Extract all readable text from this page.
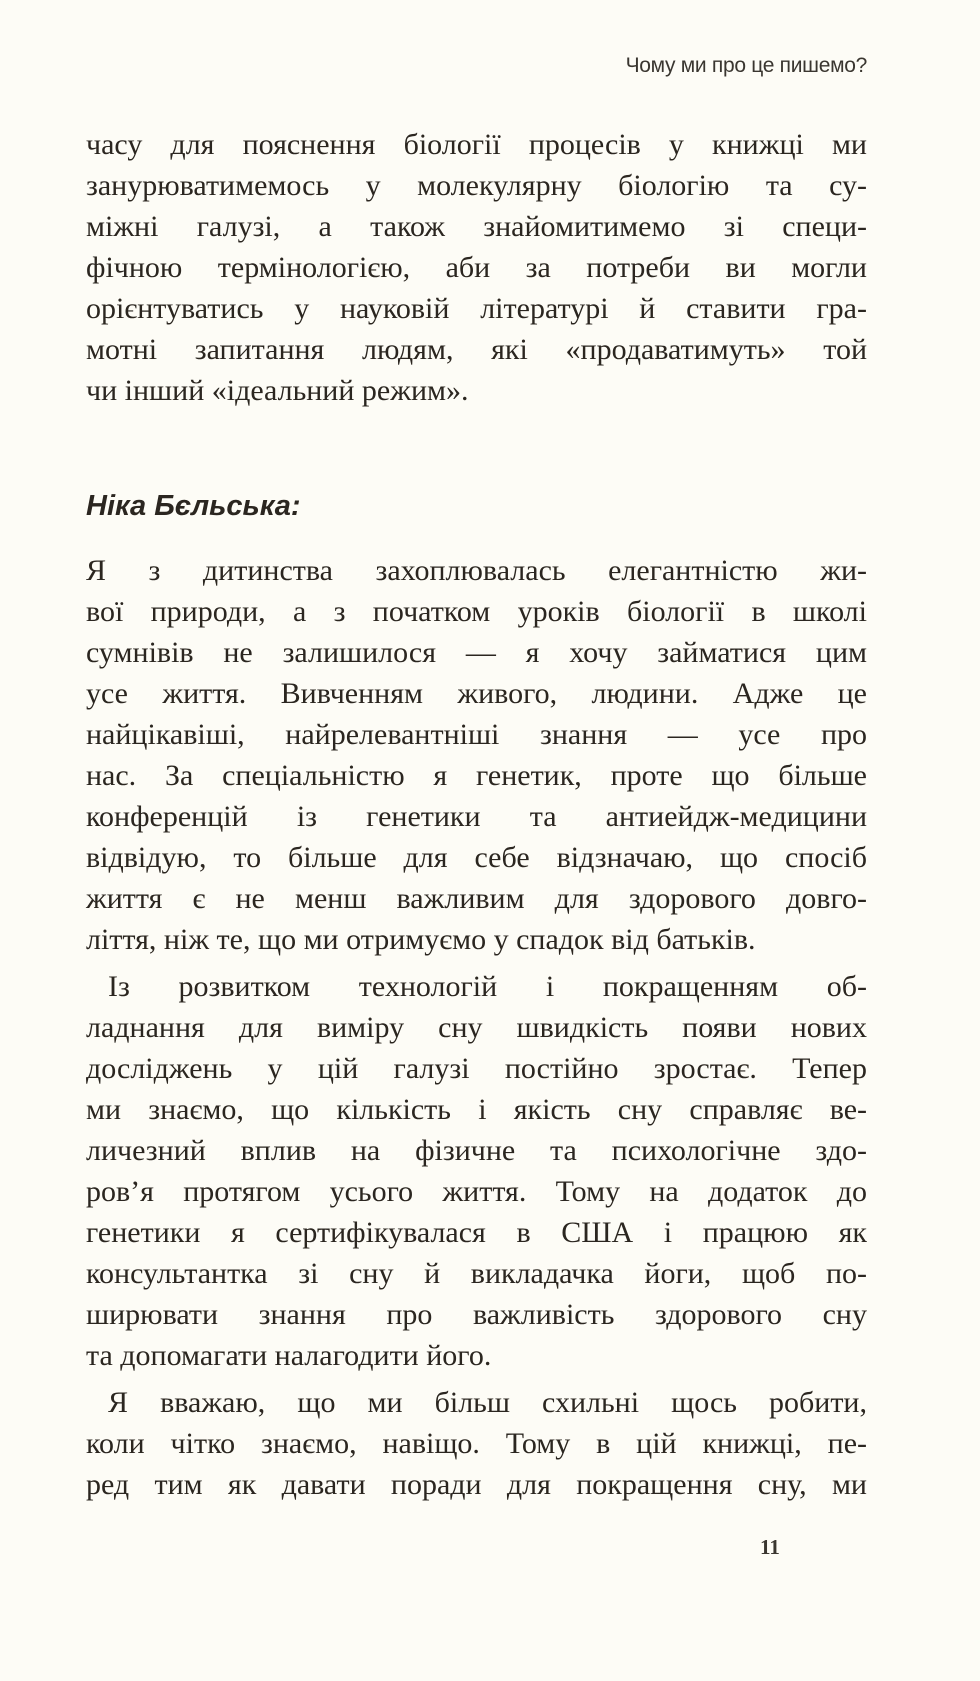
Чому ми про це пишемо?
часу для пояснення біології процесів у книжці ми
занурюватимемось у молекулярну біологію та су-
міжні галузі, а також знайомитимемо зі специ-
фічною термінологією, аби за потреби ви могли
орієнтуватись у науковій літературі й ставити гра-
мотні запитання людям, які «продаватимуть» той
чи інший «ідеальний режим».
Ніка Бєльська:
Я з дитинства захоплювалась елегантністю жи-
вої природи, а з початком уроків біології в школі
сумнівів не залишилося — я хочу займатися цим
усе життя. Вивченням живого, людини. Адже це
найцікавіші, найрелевантніші знання — усе про
нас. За спеціальністю я генетик, проте що більше
конференцій із генетики та антиейдж-медицини
відвідую, то більше для себе відзначаю, що спосіб
життя є не менш важливим для здорового довго-
ліття, ніж те, що ми отримуємо у спадок від батьків.
Із розвитком технологій і покращенням об-
ладнання для виміру сну швидкість появи нових
досліджень у цій галузі постійно зростає. Тепер
ми знаємо, що кількість і якість сну справляє ве-
личезний вплив на фізичне та психологічне здо-
ров’я протягом усього життя. Тому на додаток до
генетики я сертифікувалася в США і працюю як
консультантка зі сну й викладачка йоги, щоб по-
ширювати знання про важливість здорового сну
та допомагати налагодити його.
Я вважаю, що ми більш схильні щось робити,
коли чітко знаємо, навіщо. Тому в цій книжці, пе-
ред тим як давати поради для покращення сну, ми
11
